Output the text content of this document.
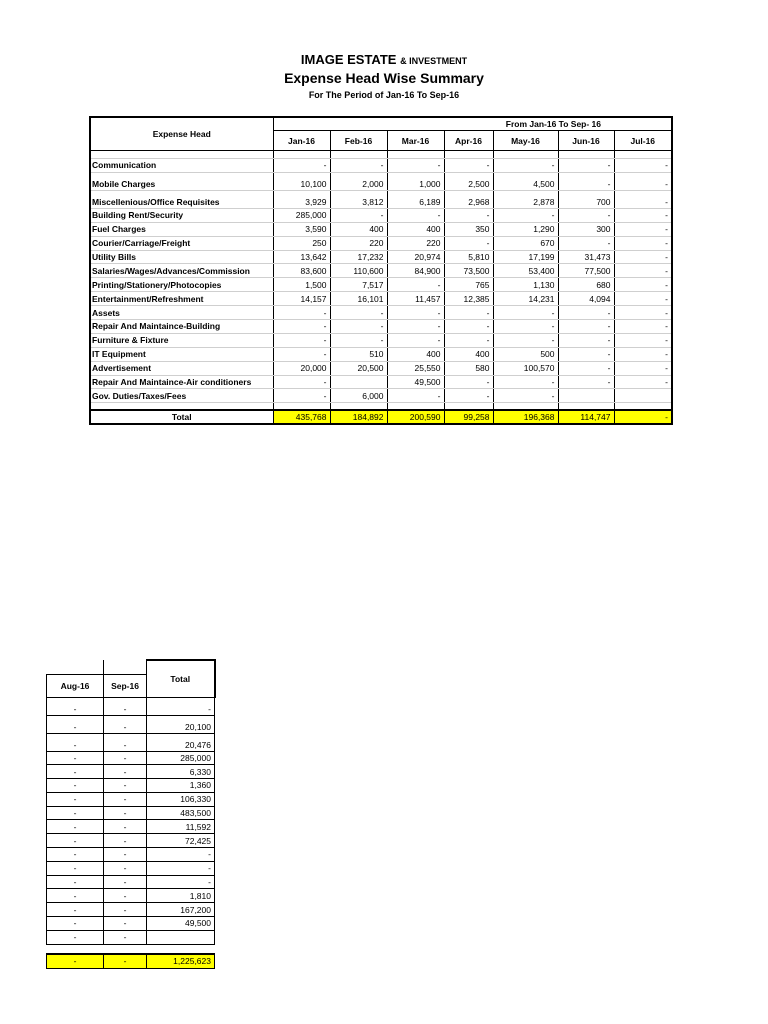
IMAGE ESTATE & INVESTMENT
Expense Head Wise Summary
For The Period of Jan-16 To Sep-16
Expense Head	From Jan-16 To Sep- 16						
	Jan-16	Feb-16	Mar-16	Apr-16	May-16	Jun-16	Jul-16

Communication	-	-	-	-	-	-	-
Mobile Charges	10,100	2,000	1,000	2,500	4,500	-	-
Miscellenious/Office Requisites	3,929	3,812	6,189	2,968	2,878	700	-
Building Rent/Security	285,000	-	-	-	-	-	-
Fuel Charges	3,590	400	400	350	1,290	300	-
Courier/Carriage/Freight	250	220	220	-	670	-	-
Utility Bills	13,642	17,232	20,974	5,810	17,199	31,473	-
Salaries/Wages/Advances/Commission	83,600	110,600	84,900	73,500	53,400	77,500	-
Printing/Stationery/Photocopies	1,500	7,517	-	765	1,130	680	-
Entertainment/Refreshment	14,157	16,101	11,457	12,385	14,231	4,094	-
Assets	-	-	-	-	-	-	-
Repair And Maintaince-Building	-	-	-	-	-	-	-
Furniture & Fixture	-	-	-	-	-	-	-
IT Equipment	-	510	400	400	500	-	-
Advertisement	20,000	20,500	25,550	580	100,570	-	-
Repair And Maintaince-Air conditioners	-		49,500	-	-	-	-
Gov. Duties/Taxes/Fees	-	6,000	-	-	-		

Total	435,768	184,892	200,590	99,258	196,368	114,747	-
		Total
Aug-16	Sep-16	
-	-	-
-	-	20,100
-	-	20,476
-	-	285,000
-	-	6,330
-	-	1,360
-	-	106,330
-	-	483,500
-	-	11,592
-	-	72,425
-	-	-
-	-	-
-	-	-
-	-	1,810
-	-	167,200
-	-	49,500
-	-	

-	-	1,225,623
